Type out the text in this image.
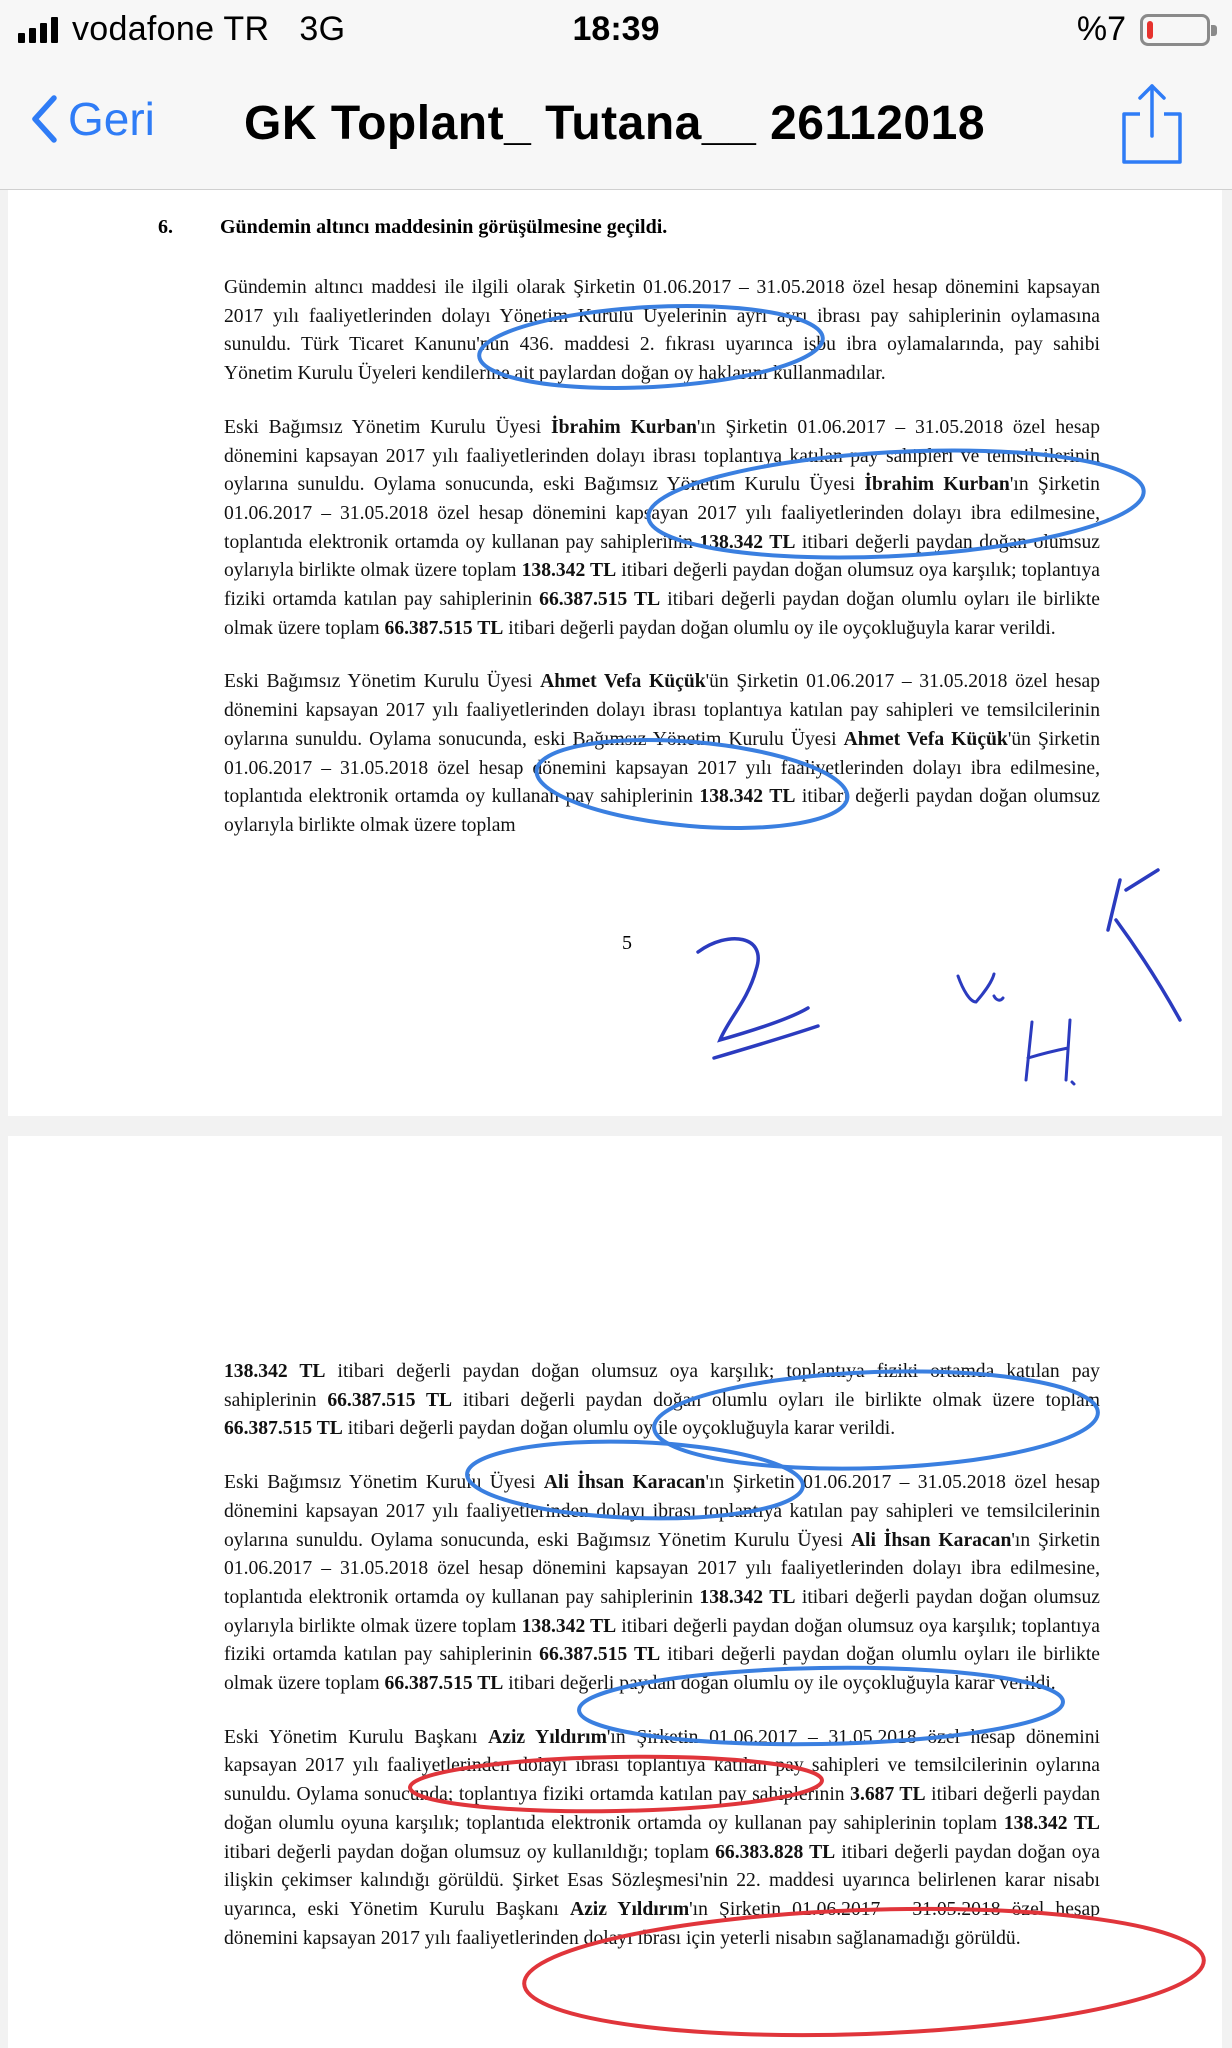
vodafone TR 3G	18:39	%7
Geri GK Toplant_ Tutana__ 26112018
6. Gündemin altıncı maddesinin görüşülmesine geçildi.

Gündemin altıncı maddesi ile ilgili olarak Şirketin 01.06.2017 – 31.05.2018 özel hesap dönemini kapsayan 2017 yılı faaliyetlerinden dolayı Yönetim Kurulu Üyelerinin ayrı ayrı ibrası pay sahiplerinin oylamasına sunuldu. Türk Ticaret Kanunu'nun 436. maddesi 2. fıkrası uyarınca işbu ibra oylamalarında, pay sahibi Yönetim Kurulu Üyeleri kendilerine ait paylardan doğan oy haklarını kullanmadılar.

Eski Bağımsız Yönetim Kurulu Üyesi İbrahim Kurban'ın Şirketin 01.06.2017 – 31.05.2018 özel hesap dönemini kapsayan 2017 yılı faaliyetlerinden dolayı ibrası toplantıya katılan pay sahipleri ve temsilcilerinin oylarına sunuldu. Oylama sonucunda, eski Bağımsız Yönetim Kurulu Üyesi İbrahim Kurban'ın Şirketin 01.06.2017 – 31.05.2018 özel hesap dönemini kapsayan 2017 yılı faaliyetlerinden dolayı ibra edilmesine, toplantıda elektronik ortamda oy kullanan pay sahiplerinin 138.342 TL itibari değerli paydan doğan olumsuz oylarıyla birlikte olmak üzere toplam 138.342 TL itibari değerli paydan doğan olumsuz oya karşılık; toplantıya fiziki ortamda katılan pay sahiplerinin 66.387.515 TL itibari değerli paydan doğan olumlu oyları ile birlikte olmak üzere toplam 66.387.515 TL itibari değerli paydan doğan olumlu oy ile oyçokluğuyla karar verildi.

Eski Bağımsız Yönetim Kurulu Üyesi Ahmet Vefa Küçük'ün Şirketin 01.06.2017 – 31.05.2018 özel hesap dönemini kapsayan 2017 yılı faaliyetlerinden dolayı ibrası toplantıya katılan pay sahipleri ve temsilcilerinin oylarına sunuldu. Oylama sonucunda, eski Bağımsız Yönetim Kurulu Üyesi Ahmet Vefa Küçük'ün Şirketin 01.06.2017 – 31.05.2018 özel hesap dönemini kapsayan 2017 yılı faaliyetlerinden dolayı ibra edilmesine, toplantıda elektronik ortamda oy kullanan pay sahiplerinin 138.342 TL itibari değerli paydan doğan olumsuz oylarıyla birlikte olmak üzere toplam

5

138.342 TL itibari değerli paydan doğan olumsuz oya karşılık; toplantıya fiziki ortamda katılan pay sahiplerinin 66.387.515 TL itibari değerli paydan doğan olumlu oyları ile birlikte olmak üzere toplam 66.387.515 TL itibari değerli paydan doğan olumlu oy ile oyçokluğuyla karar verildi.

Eski Bağımsız Yönetim Kurulu Üyesi Ali İhsan Karacan'ın Şirketin 01.06.2017 – 31.05.2018 özel hesap dönemini kapsayan 2017 yılı faaliyetlerinden dolayı ibrası toplantıya katılan pay sahipleri ve temsilcilerinin oylarına sunuldu. Oylama sonucunda, eski Bağımsız Yönetim Kurulu Üyesi Ali İhsan Karacan'ın Şirketin 01.06.2017 – 31.05.2018 özel hesap dönemini kapsayan 2017 yılı faaliyetlerinden dolayı ibra edilmesine, toplantıda elektronik ortamda oy kullanan pay sahiplerinin 138.342 TL itibari değerli paydan doğan olumsuz oylarıyla birlikte olmak üzere toplam 138.342 TL itibari değerli paydan doğan olumsuz oya karşılık; toplantıya fiziki ortamda katılan pay sahiplerinin 66.387.515 TL itibari değerli paydan doğan olumlu oyları ile birlikte olmak üzere toplam 66.387.515 TL itibari değerli paydan doğan olumlu oy ile oyçokluğuyla karar verildi.

Eski Yönetim Kurulu Başkanı Aziz Yıldırım'ın Şirketin 01.06.2017 – 31.05.2018 özel hesap dönemini kapsayan 2017 yılı faaliyetlerinden dolayı ibrası toplantıya katılan pay sahipleri ve temsilcilerinin oylarına sunuldu. Oylama sonucunda; toplantıya fiziki ortamda katılan pay sahiplerinin 3.687 TL itibari değerli paydan doğan olumlu oyuna karşılık; toplantıda elektronik ortamda oy kullanan pay sahiplerinin toplam 138.342 TL itibari değerli paydan doğan olumsuz oy kullanıldığı; toplam 66.383.828 TL itibari değerli paydan doğan oya ilişkin çekimser kalındığı görüldü. Şirket Esas Sözleşmesi'nin 22. maddesi uyarınca belirlenen karar nisabı uyarınca, eski Yönetim Kurulu Başkanı Aziz Yıldırım'ın Şirketin 01.06.2017 – 31.05.2018 özel hesap dönemini kapsayan 2017 yılı faaliyetlerinden dolayı ibrası için yeterli nisabın sağlanamadığı görüldü.
